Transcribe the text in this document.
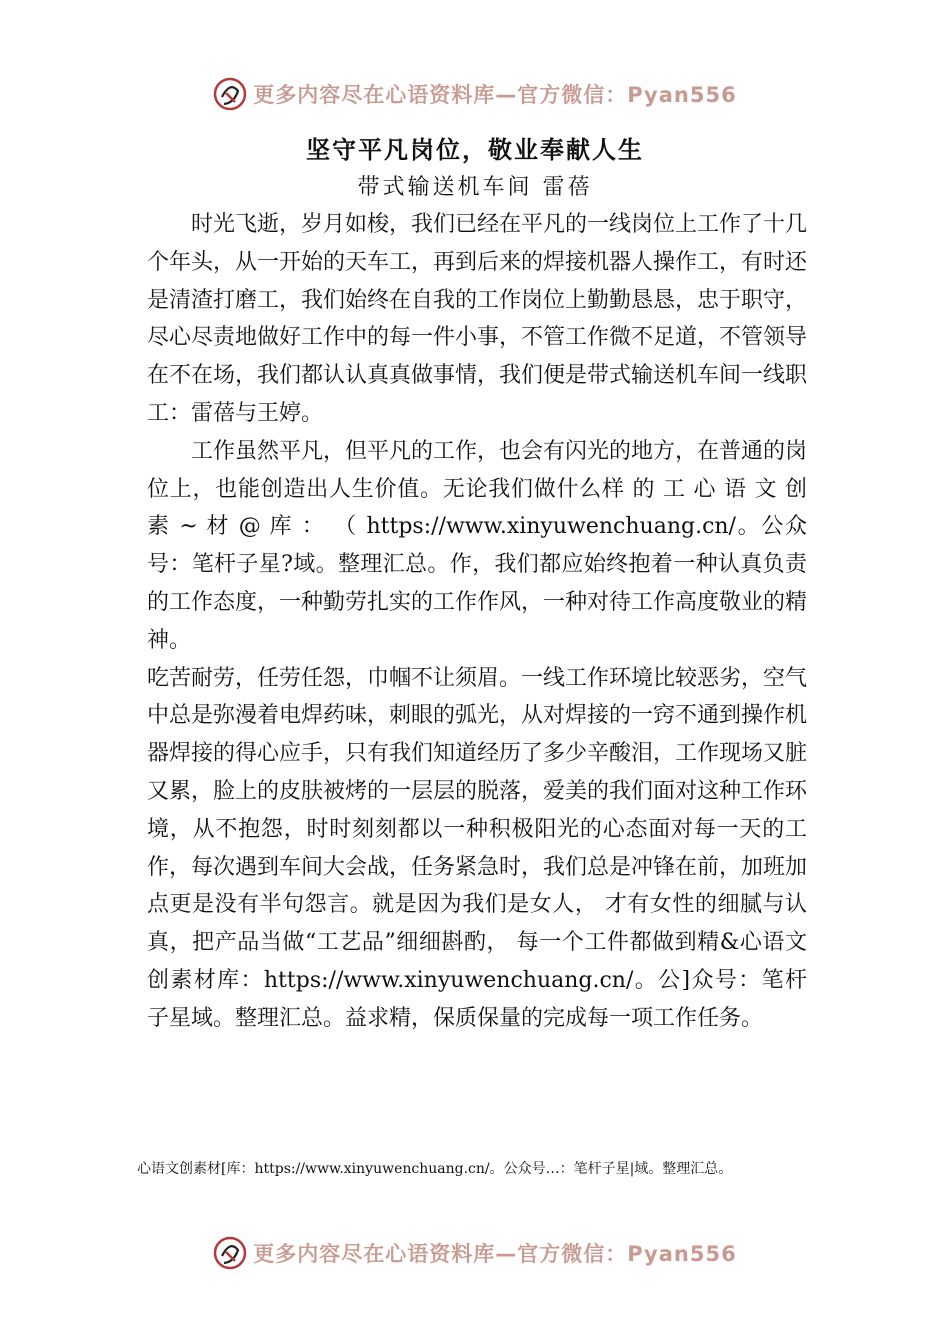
更多内容尽在心语资料库—官方微信：Pyan556
坚守平凡岗位，敬业奉献人生
带式输送机车间 雷蓓

时光飞逝，岁月如梭，我们已经在平凡的一线岗位上工作了十几个年头，从一开始的天车工，再到后来的焊接机器人操作工，有时还是清渣打磨工，我们始终在自我的工作岗位上勤勤恳恳，忠于职守，尽心尽责地做好工作中的每一件小事，不管工作微不足道，不管领导在不在场，我们都认认真真做事情，我们便是带式输送机车间一线职工：雷蓓与王婷。

工作虽然平凡，但平凡的工作，也会有闪光的地方，在普通的岗位上，也能创造出人生价值。无论我们做什么样 的 工 心 语 文 创 素 ~ 材 @ 库 ： （ https://www.xinyuwenchuang.cn/。公众号：笔杆子星?域。整理汇总。作，我们都应始终抱着一种认真负责的工作态度，一种勤劳扎实的工作作风，一种对待工作高度敬业的精神。

吃苦耐劳，任劳任怨，巾帼不让须眉。一线工作环境比较恶劣，空气中总是弥漫着电焊药味，刺眼的弧光，从对焊接的一窍不通到操作机器焊接的得心应手，只有我们知道经历了多少辛酸泪，工作现场又脏又累，脸上的皮肤被烤的一层层的脱落，爱美的我们面对这种工作环境，从不抱怨，时时刻刻都以一种积极阳光的心态面对每一天的工 作，每次遇到车间大会战，任务紧急时，我们总是冲锋在前，加班加点更是没有半句怨言。就是因为我们是女人， 才有女性的细腻与认真，把产品当做“工艺品”细细斟酌， 每一个工件都做到精&心语文创素材库：https://www.xinyuwenchuang.cn/。公]众号：笔杆子星域。整理汇总。益求精，保质保量的完成每一项工作任务。

心语文创素材[库：https://www.xinyuwenchuang.cn/。公众号…：笔杆子星|域。整理汇总。
更多内容尽在心语资料库—官方微信：Pyan556
